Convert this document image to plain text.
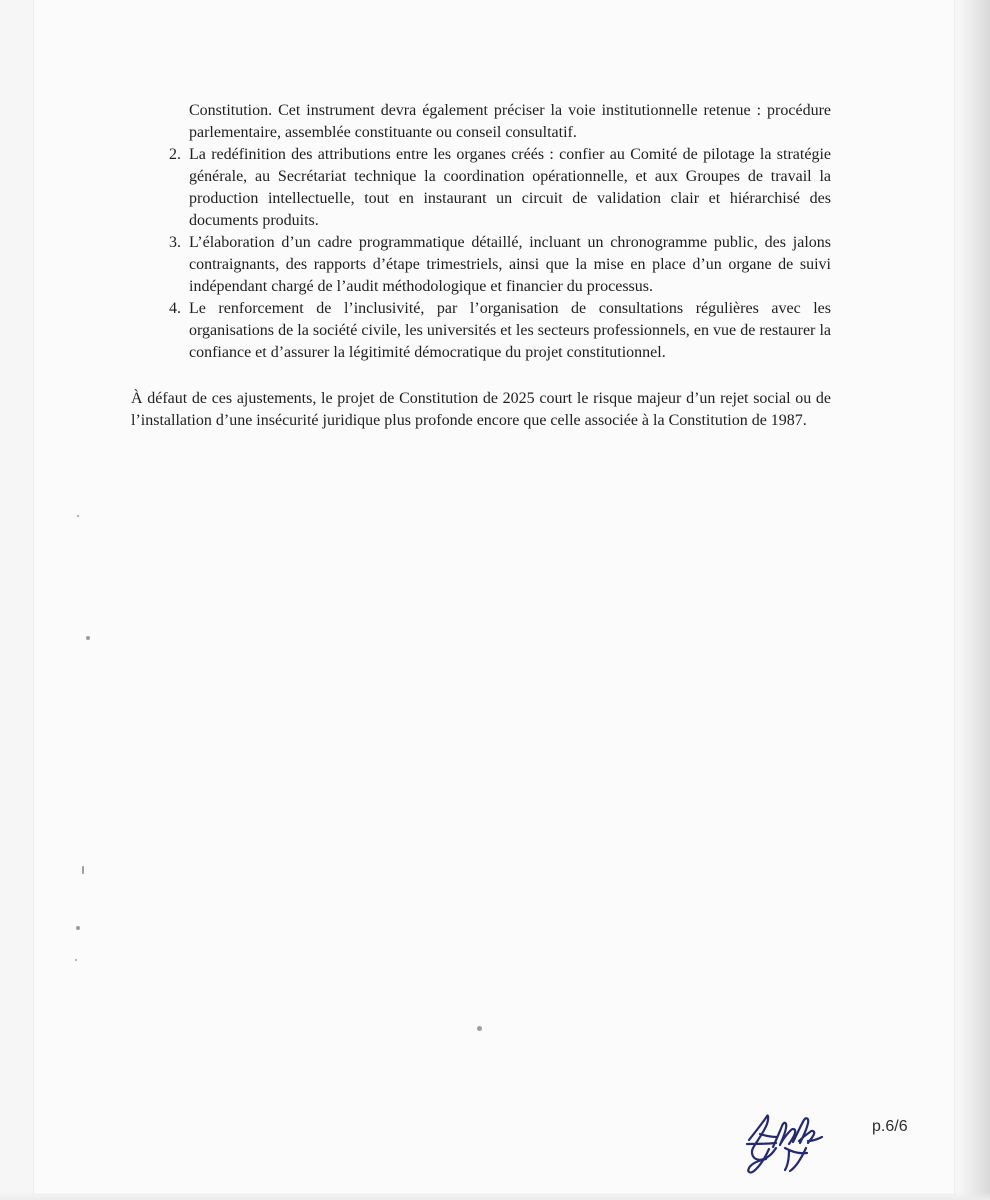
Constitution. Cet instrument devra également préciser la voie institutionnelle retenue : procédure parlementaire, assemblée constituante ou conseil consultatif.
2. La redéfinition des attributions entre les organes créés : confier au Comité de pilotage la stratégie générale, au Secrétariat technique la coordination opérationnelle, et aux Groupes de travail la production intellectuelle, tout en instaurant un circuit de validation clair et hiérarchisé des documents produits.
3. L’élaboration d’un cadre programmatique détaillé, incluant un chronogramme public, des jalons contraignants, des rapports d’étape trimestriels, ainsi que la mise en place d’un organe de suivi indépendant chargé de l’audit méthodologique et financier du processus.
4. Le renforcement de l’inclusivité, par l’organisation de consultations régulières avec les organisations de la société civile, les universités et les secteurs professionnels, en vue de restaurer la confiance et d’assurer la légitimité démocratique du projet constitutionnel.

À défaut de ces ajustements, le projet de Constitution de 2025 court le risque majeur d’un rejet social ou de l’installation d’une insécurité juridique plus profonde encore que celle associée à la Constitution de 1987.

p.6/6
